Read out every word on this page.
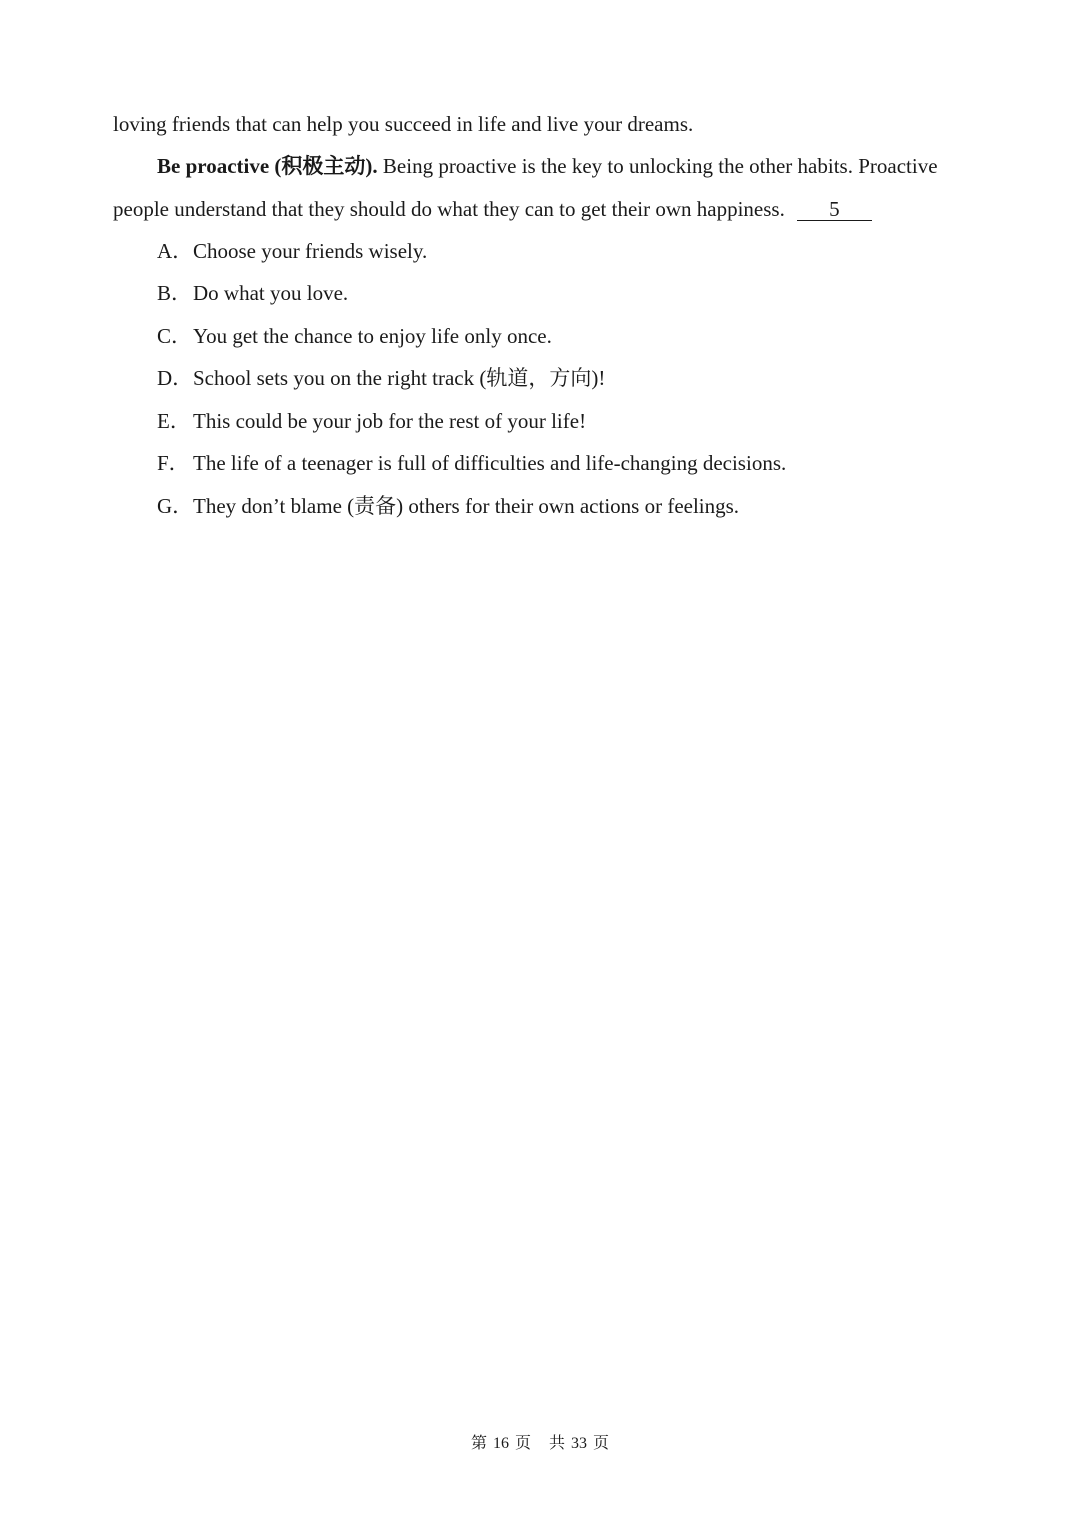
loving friends that can help you succeed in life and live your dreams.
Be proactive (积极主动). Being proactive is the key to unlocking the other habits. Proactive
people understand that they should do what they can to get their own happiness. 5
A．Choose your friends wisely.
B．Do what you love.
C．You get the chance to enjoy life only once.
D．School sets you on the right track (轨道，方向)!
E． This could be your job for the rest of your life!
F． The life of a teenager is full of difficulties and life-changing decisions.
G．They don’t blame (责备) others for their own actions or feelings.
第 16 页 共 33 页
